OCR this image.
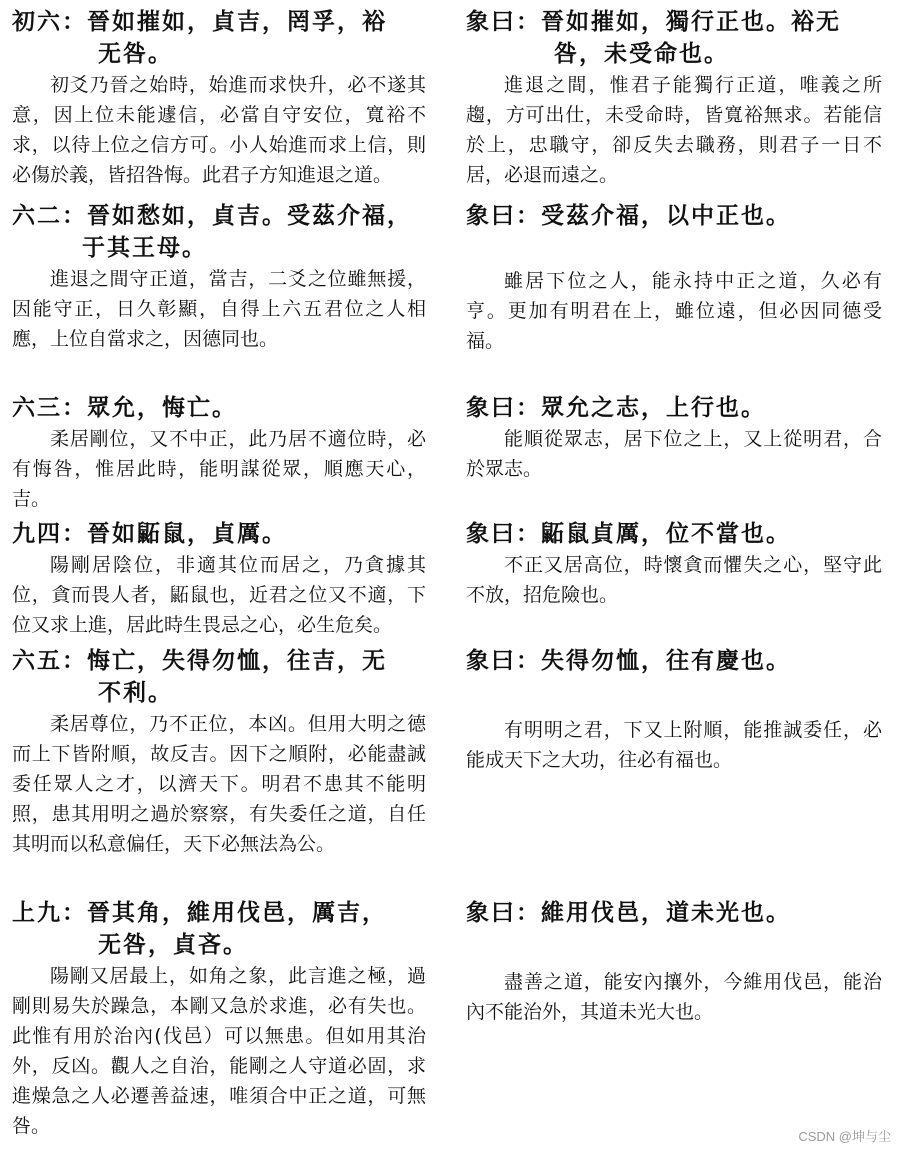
初六：晉如摧如，貞吉，罔孚，裕
无咎。

初爻乃晉之始時，始進而求快升，必不遂其意，因上位未能遽信，必當自守安位，寬裕不求，以待上位之信方可。小人始進而求上信，則必傷於義，皆招咎悔。此君子方知進退之道。

六二：晉如愁如，貞吉。受茲介福，
于其王母。

進退之間守正道，當吉，二爻之位雖無援，因能守正，日久彰顯，自得上六五君位之人相應，上位自當求之，因德同也。

六三：眾允，悔亡。

柔居剛位，又不中正，此乃居不適位時，必有悔咎，惟居此時，能明謀從眾，順應天心，吉。

九四：晉如鼫鼠，貞厲。

陽剛居陰位，非適其位而居之，乃貪據其位，貪而畏人者，鼫鼠也，近君之位又不適，下位又求上進，居此時生畏忌之心，必生危矣。

六五：悔亡，失得勿恤，往吉，无
不利。

柔居尊位，乃不正位，本凶。但用大明之德而上下皆附順，故反吉。因下之順附，必能盡誠委任眾人之才，以濟天下。明君不患其不能明照，患其用明之過於察察，有失委任之道，自任其明而以私意偏任，天下必無法為公。

上九：晉其角，維用伐邑，厲吉，
无咎，貞吝。

陽剛又居最上，如角之象，此言進之極，過剛則易失於躁急，本剛又急於求進，必有失也。此惟有用於治內(伐邑）可以無患。但如用其治外，反凶。觀人之自治，能剛之人守道必固，求進燥急之人必遷善益速，唯須合中正之道，可無咎。

象曰：晉如摧如，獨行正也。裕无
咎，未受命也。

進退之間，惟君子能獨行正道，唯義之所趨，方可出仕，未受命時，皆寬裕無求。若能信於上，忠職守，卻反失去職務，則君子一日不居，必退而遠之。

象曰：受茲介福，以中正也。

雖居下位之人，能永持中正之道，久必有亨。更加有明君在上，雖位遠，但必因同德受福。

象曰：眾允之志，上行也。

能順從眾志，居下位之上，又上從明君，合於眾志。

象曰：鼫鼠貞厲，位不當也。

不正又居高位，時懷貪而懼失之心，堅守此不放，招危險也。

象曰：失得勿恤，往有慶也。

有明明之君，下又上附順，能推誠委任，必能成天下之大功，往必有福也。

象曰：維用伐邑，道未光也。

盡善之道，能安內攘外，今維用伐邑，能治內不能治外，其道未光大也。

CSDN @坤与尘
